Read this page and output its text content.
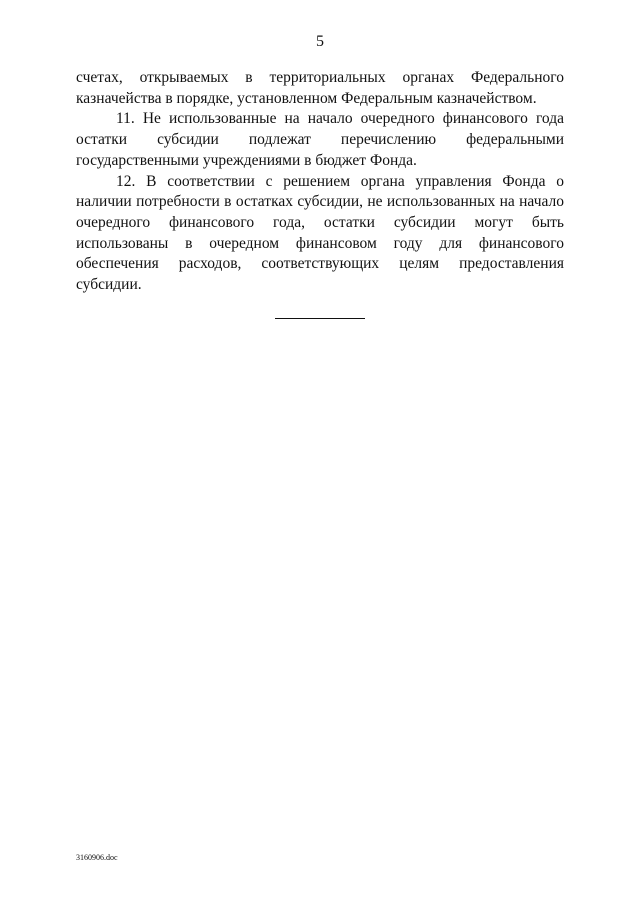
5

счетах, открываемых в территориальных органах Федерального казначейства в порядке, установленном Федеральным казначейством.

11. Не использованные на начало очередного финансового года остатки субсидии подлежат перечислению федеральными государственными учреждениями в бюджет Фонда.

12. В соответствии с решением органа управления Фонда о наличии потребности в остатках субсидии, не использованных на начало очередного финансового года, остатки субсидии могут быть использованы в очередном финансовом году для финансового обеспечения расходов, соответствующих целям предоставления субсидии.

3160906.doc
